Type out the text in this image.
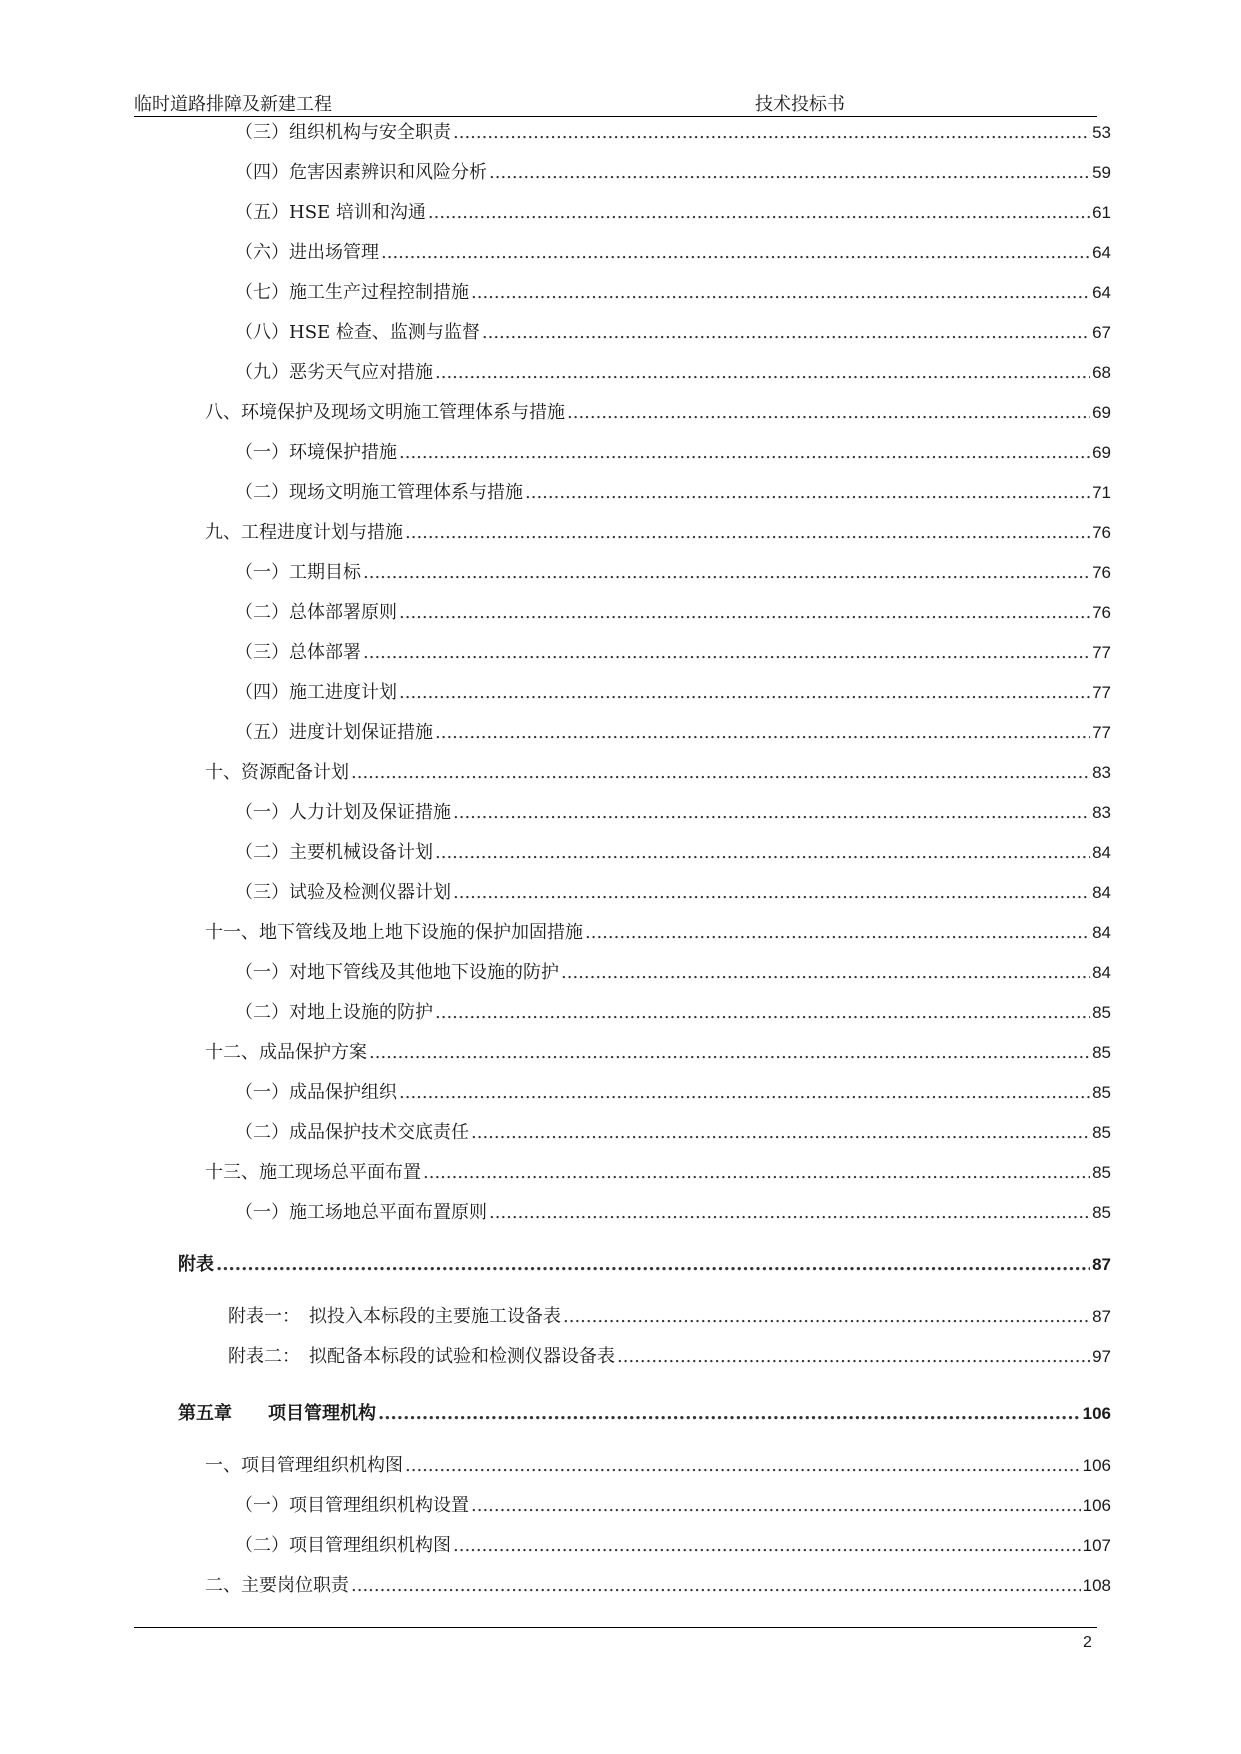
临时道路排障及新建工程	技术投标书
（三）组织机构与安全职责 .....	53
（四）危害因素辨识和风险分析 .....	59
（五）HSE 培训和沟通 .....	61
（六）进出场管理 .....	64
（七）施工生产过程控制措施 .....	64
（八）HSE 检查、监测与监督 .....	67
（九）恶劣天气应对措施 .....	68
八、环境保护及现场文明施工管理体系与措施 .....	69
（一）环境保护措施 .....	69
（二）现场文明施工管理体系与措施 .....	71
九、工程进度计划与措施 .....	76
（一）工期目标 .....	76
（二）总体部署原则 .....	76
（三）总体部署 .....	77
（四）施工进度计划 .....	77
（五）进度计划保证措施 .....	77
十、资源配备计划 .....	83
（一）人力计划及保证措施 .....	83
（二）主要机械设备计划 .....	84
（三）试验及检测仪器计划 .....	84
十一、地下管线及地上地下设施的保护加固措施 .....	84
（一）对地下管线及其他地下设施的防护 .....	84
（二）对地上设施的防护 .....	85
十二、成品保护方案 .....	85
（一）成品保护组织 .....	85
（二）成品保护技术交底责任 .....	85
十三、施工现场总平面布置 .....	85
（一）施工场地总平面布置原则 .....	85
附表 .....	87
附表一：　拟投入本标段的主要施工设备表 .....	87
附表二：　拟配备本标段的试验和检测仪器设备表 .....	97
第五章　　项目管理机构 .....	106
一、项目管理组织机构图 .....	106
（一）项目管理组织机构设置 .....	106
（二）项目管理组织机构图 .....	107
二、主要岗位职责 .....	108
2
